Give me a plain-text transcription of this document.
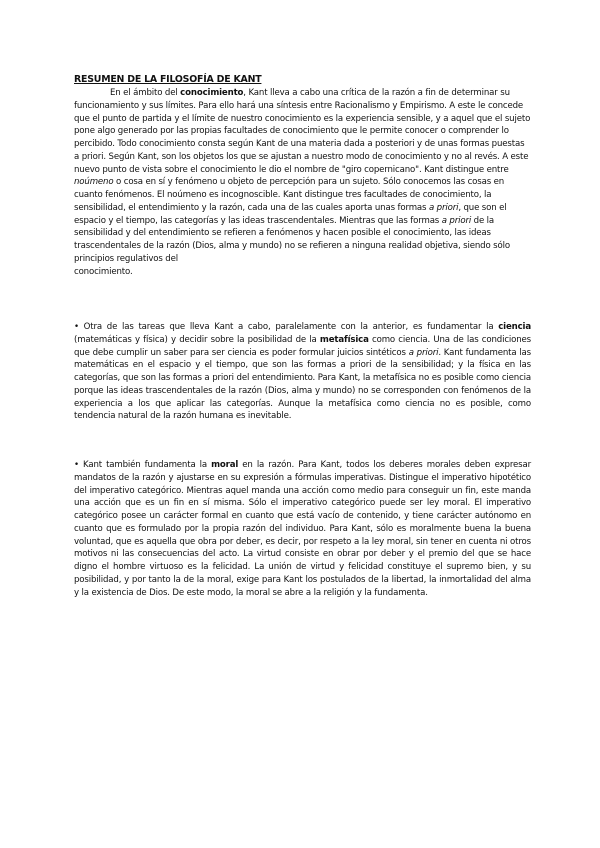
RESUMEN DE LA FILOSOFÍA DE KANT
En el ámbito del conocimiento, Kant lleva a cabo una crítica de la razón a fin de determinar su funcionamiento y sus límites. Para ello hará una síntesis entre Racionalismo y Empirismo. A este le concede que el punto de partida y el límite de nuestro conocimiento es la experiencia sensible, y a aquel que el sujeto pone algo generado por las propias facultades de conocimiento que le permite conocer o comprender lo percibido. Todo conocimiento consta según Kant de una materia dada a posteriori y de unas formas puestas a priori. Según Kant, son los objetos los que se ajustan a nuestro modo de conocimiento y no al revés. A este nuevo punto de vista sobre el conocimiento le dio el nombre de "giro copernicano". Kant distingue entre noúmeno o cosa en sí y fenómeno u objeto de percepción para un sujeto. Sólo conocemos las cosas en cuanto fenómenos. El noúmeno es incognoscible. Kant distingue tres facultades de conocimiento, la sensibilidad, el entendimiento y la razón, cada una de las cuales aporta unas formas a priori, que son el espacio y el tiempo, las categorías y las ideas trascendentales. Mientras que las formas a priori de la sensibilidad y del entendimiento se refieren a fenómenos y hacen posible el conocimiento, las ideas trascendentales de la razón (Dios, alma y mundo) no se refieren a ninguna realidad objetiva, siendo sólo principios regulativos del
conocimiento.
• Otra de las tareas que lleva Kant a cabo, paralelamente con la anterior, es fundamentar la ciencia (matemáticas y física) y decidir sobre la posibilidad de la metafísica como ciencia. Una de las condiciones que debe cumplir un saber para ser ciencia es poder formular juicios sintéticos a priori. Kant fundamenta las matemáticas en el espacio y el tiempo, que son las formas a priori de la sensibilidad; y la física en las categorías, que son las formas a priori del entendimiento. Para Kant, la metafísica no es posible como ciencia porque las ideas trascendentales de la razón (Dios, alma y mundo) no se corresponden con fenómenos de la experiencia a los que aplicar las categorías. Aunque la metafísica como ciencia no es posible, como tendencia natural de la razón humana es inevitable.
• Kant también fundamenta la moral en la razón. Para Kant, todos los deberes morales deben expresar mandatos de la razón y ajustarse en su expresión a fórmulas imperativas. Distingue el imperativo hipotético del imperativo categórico. Mientras aquel manda una acción como medio para conseguir un fin, este manda una acción que es un fin en sí misma. Sólo el imperativo categórico puede ser ley moral. El imperativo categórico posee un carácter formal en cuanto que está vacío de contenido, y tiene carácter autónomo en cuanto que es formulado por la propia razón del individuo. Para Kant, sólo es moralmente buena la buena voluntad, que es aquella que obra por deber, es decir, por respeto a la ley moral, sin tener en cuenta ni otros motivos ni las consecuencias del acto. La virtud consiste en obrar por deber y el premio del que se hace digno el hombre virtuoso es la felicidad. La unión de virtud y felicidad constituye el supremo bien, y su posibilidad, y por tanto la de la moral, exige para Kant los postulados de la libertad, la inmortalidad del alma y la existencia de Dios. De este modo, la moral se abre a la religión y la fundamenta.
